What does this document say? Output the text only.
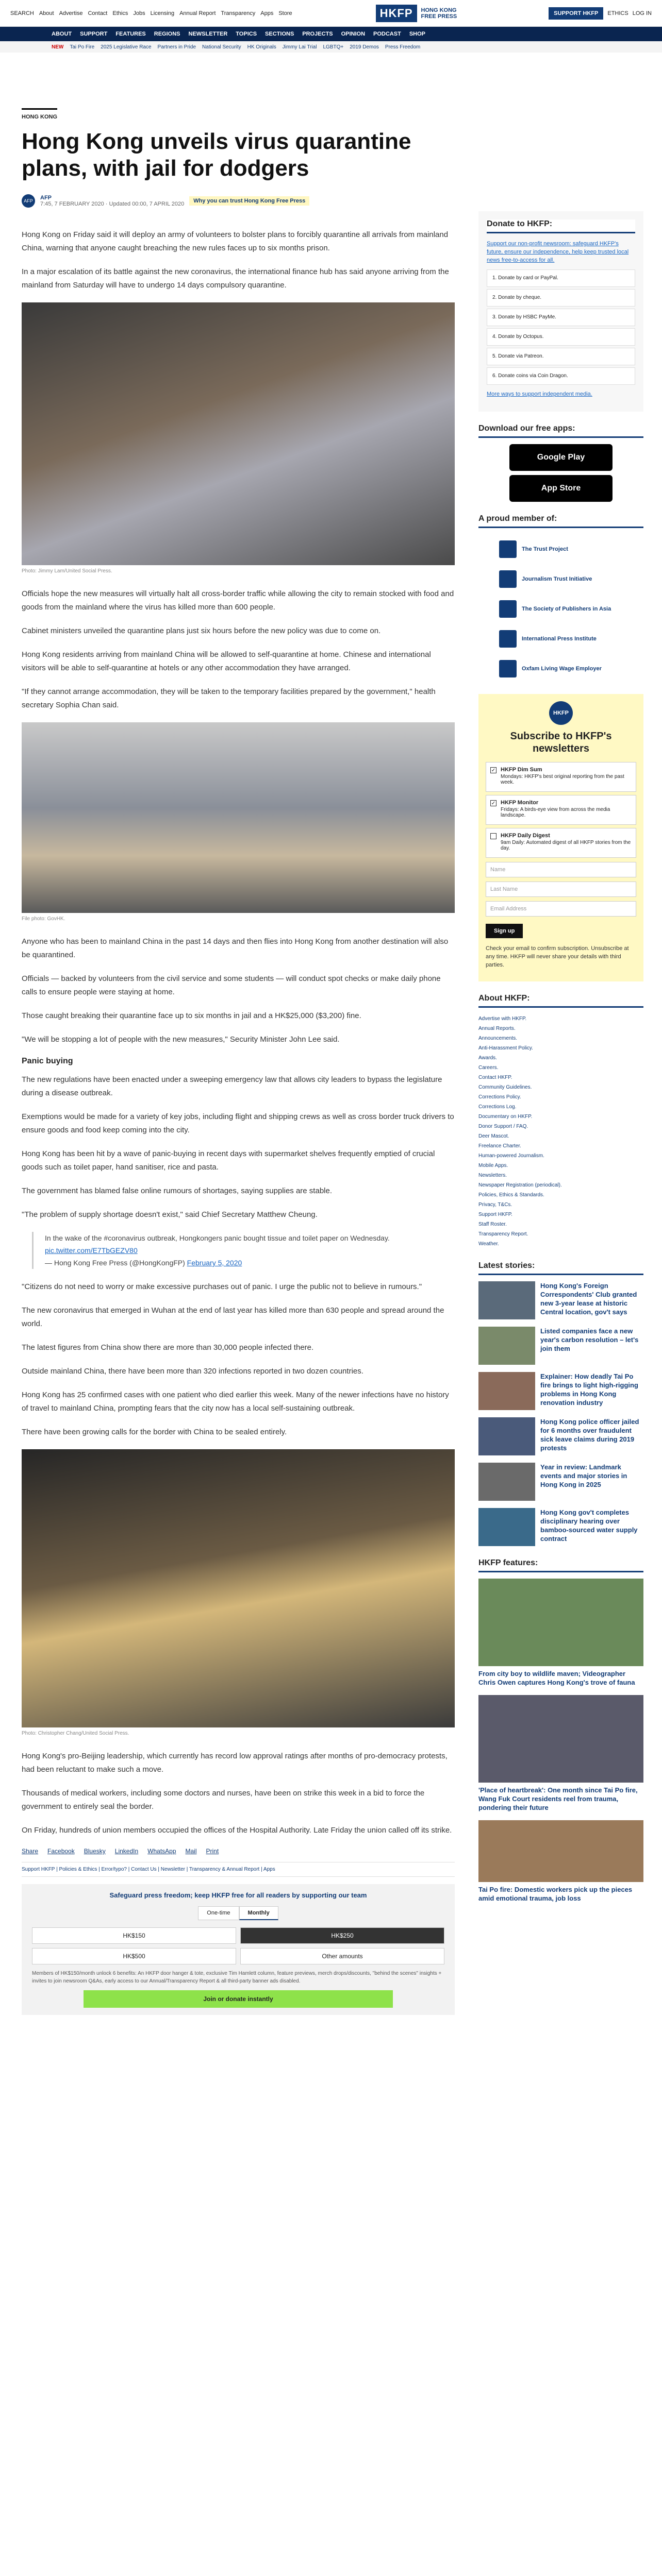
SEARCH About Advertise Contact Ethics Jobs Licensing Annual Report Transparency Apps Store	HKFP	HONG KONG
FREE PRESS	SUPPORT HKFP	ETHICS LOG IN
ABOUT SUPPORT FEATURES REGIONS NEWSLETTER TOPICS SECTIONS PROJECTS OPINION PODCAST SHOP
NEW Tai Po Fire 2025 Legislative Race Partners in Pride National Security HK Originals Jimmy Lai Trial LGBTQ+ 2019 Demos Press Freedom
HONG KONG
Hong Kong unveils virus quarantine plans, with jail for dodgers
AFP	AFP
7:45, 7 FEBRUARY 2020 · Updated 00:00, 7 APRIL 2020	Why you can trust Hong Kong Free Press

Hong Kong on Friday said it will deploy an army of volunteers to bolster plans to forcibly quarantine all arrivals from mainland China, warning that anyone caught breaching the new rules faces up to six months prison.

In a major escalation of its battle against the new coronavirus, the international finance hub has said anyone arriving from the mainland from Saturday will have to undergo 14 days compulsory quarantine.

Photo: Jimmy Lam/United Social Press.

Officials hope the new measures will virtually halt all cross-border traffic while allowing the city to remain stocked with food and goods from the mainland where the virus has killed more than 600 people.

Cabinet ministers unveiled the quarantine plans just six hours before the new policy was due to come on.

Hong Kong residents arriving from mainland China will be allowed to self-quarantine at home. Chinese and international visitors will be able to self-quarantine at hotels or any other accommodation they have arranged.

"If they cannot arrange accommodation, they will be taken to the temporary facilities prepared by the government," health secretary Sophia Chan said.

File photo: GovHK.

Anyone who has been to mainland China in the past 14 days and then flies into Hong Kong from another destination will also be quarantined.

Officials — backed by volunteers from the civil service and some students — will conduct spot checks or make daily phone calls to ensure people were staying at home.

Those caught breaking their quarantine face up to six months in jail and a HK$25,000 ($3,200) fine.

"We will be stopping a lot of people with the new measures," Security Minister John Lee said.

Panic buying

The new regulations have been enacted under a sweeping emergency law that allows city leaders to bypass the legislature during a disease outbreak.

Exemptions would be made for a variety of key jobs, including flight and shipping crews as well as cross border truck drivers to ensure goods and food keep coming into the city.

Hong Kong has been hit by a wave of panic-buying in recent days with supermarket shelves frequently emptied of crucial goods such as toilet paper, hand sanitiser, rice and pasta.

The government has blamed false online rumours of shortages, saying supplies are stable.

"The problem of supply shortage doesn't exist," said Chief Secretary Matthew Cheung.

In the wake of the #coronavirus outbreak, Hongkongers panic bought tissue and toilet paper on Wednesday. pic.twitter.com/E7TbGEZV80
— Hong Kong Free Press (@HongKongFP) February 5, 2020

"Citizens do not need to worry or make excessive purchases out of panic. I urge the public not to believe in rumours."

The new coronavirus that emerged in Wuhan at the end of last year has killed more than 630 people and spread around the world.

The latest figures from China show there are more than 30,000 people infected there.

Outside mainland China, there have been more than 320 infections reported in two dozen countries.

Hong Kong has 25 confirmed cases with one patient who died earlier this week. Many of the newer infections have no history of travel to mainland China, prompting fears that the city now has a local self-sustaining outbreak.

There have been growing calls for the border with China to be sealed entirely.

Photo: Christopher Chang/United Social Press.

Hong Kong's pro-Beijing leadership, which currently has record low approval ratings after months of pro-democracy protests, had been reluctant to make such a move.

Thousands of medical workers, including some doctors and nurses, have been on strike this week in a bid to force the government to entirely seal the border.

On Friday, hundreds of union members occupied the offices of the Hospital Authority. Late Friday the union called off its strike.

Share Facebook Bluesky LinkedIn WhatsApp Mail Print
Support HKFP | Policies & Ethics | Error/typo? | Contact Us | Newsletter | Transparency & Annual Report | Apps
Safeguard press freedom; keep HKFP free for all readers by supporting our team
One-time	Monthly
HK$150	HK$250
HK$500	Other amounts
Members of HK$150/month unlock 6 benefits: An HKFP door hanger & tote, exclusive Tim Hamlett column, feature previews, merch drops/discounts, "behind the scenes" insights + invites to join newsroom Q&As, early access to our Annual/Transparency Report & all third-party banner ads disabled.
Join or donate instantly
Donate to HKFP:
Support our non-profit newsroom: safeguard HKFP's future, ensure our independence, help keep trusted local news free-to-access for all.
1. Donate by card or PayPal.
2. Donate by cheque.
3. Donate by HSBC PayMe.
4. Donate by Octopus.
5. Donate via Patreon.
6. Donate coins via Coin Dragon.
More ways to support independent media.
Download our free apps:
Google Play
App Store
A proud member of:
The Trust Project
Journalism Trust Initiative
The Society of Publishers in Asia
International Press Institute
Oxfam Living Wage Employer
HKFP
Subscribe to HKFP's newsletters
✓ HKFP Dim Sum
Mondays: HKFP's best original reporting from the past week.
✓ HKFP Monitor
Fridays: A birds-eye view from across the media landscape.
HKFP Daily Digest
9am Daily: Automated digest of all HKFP stories from the day.
Name
Last Name
Email Address
Sign up
Check your email to confirm subscription. Unsubscribe at any time. HKFP will never share your details with third parties.
About HKFP:
Advertise with HKFP.
Annual Reports.
Announcements.
Anti-Harassment Policy.
Awards.
Careers.
Contact HKFP.
Community Guidelines.
Corrections Policy.
Corrections Log.
Documentary on HKFP.
Donor Support / FAQ.
Deer Mascot.
Freelance Charter.
Human-powered Journalism.
Mobile Apps.
Newsletters.
Newspaper Registration (periodical).
Policies, Ethics & Standards.
Privacy, T&Cs.
Support HKFP.
Staff Roster.
Transparency Report.
Weather.
Latest stories:
Hong Kong's Foreign Correspondents' Club granted new 3-year lease at historic Central location, gov't says
Listed companies face a new year's carbon resolution – let's join them
Explainer: How deadly Tai Po fire brings to light high-rigging problems in Hong Kong renovation industry
Hong Kong police officer jailed for 6 months over fraudulent sick leave claims during 2019 protests
Year in review: Landmark events and major stories in Hong Kong in 2025
Hong Kong gov't completes disciplinary hearing over bamboo-sourced water supply contract
HKFP features:
From city boy to wildlife maven; Videographer Chris Owen captures Hong Kong's trove of fauna
'Place of heartbreak': One month since Tai Po fire, Wang Fuk Court residents reel from trauma, pondering their future
Tai Po fire: Domestic workers pick up the pieces amid emotional trauma, job loss
